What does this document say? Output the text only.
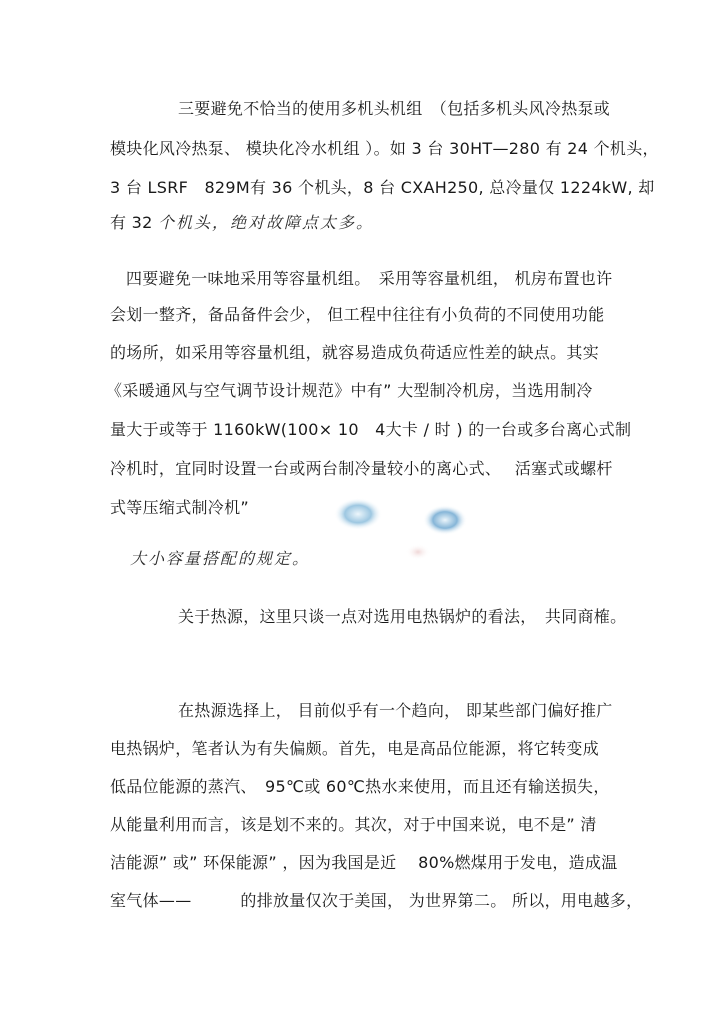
三要避免不恰当的使用多机头机组　（包括多机头风冷热泵或
模块化风冷热泵、 模块化冷水机组 ）。如 3 台 30HT—280 有 24 个机头，
3 台 LSRF　829M有 36 个机头，8 台 CXAH250, 总冷量仅 1224kW, 却
有 32 个机头，绝对故障点太多。
四要避免一味地采用等容量机组。　采用等容量机组， 机房布置也许
会划一整齐，备品备件会少， 但工程中往往有小负荷的不同使用功能
的场所，如采用等容量机组，就容易造成负荷适应性差的缺点。其实
《采暖通风与空气调节设计规范》中有” 大型制冷机房，当选用制冷
量大于或等于 1160kW(100× 10　4大卡 / 时 ) 的一台或多台离心式制
冷机时，宜同时设置一台或两台制冷量较小的离心式、　 活塞式或螺杆
式等压缩式制冷机”
大小容量搭配的规定。
关于热源，这里只谈一点对选用电热锅炉的看法，　共同商榷。
在热源选择上， 目前似乎有一个趋向， 即某些部门偏好推广
电热锅炉，笔者认为有失偏颇。首先，电是高品位能源，将它转变成
低品位能源的蒸汽、　95℃或 60℃热水来使用，而且还有输送损失，
从能量利用而言，该是划不来的。其次，对于中国来说，电不是” 清
洁能源” 或” 环保能源” ，因为我国是近　 80%燃煤用于发电，造成温
室气体——　　　的排放量仅次于美国， 为世界第二。 所以，用电越多，
